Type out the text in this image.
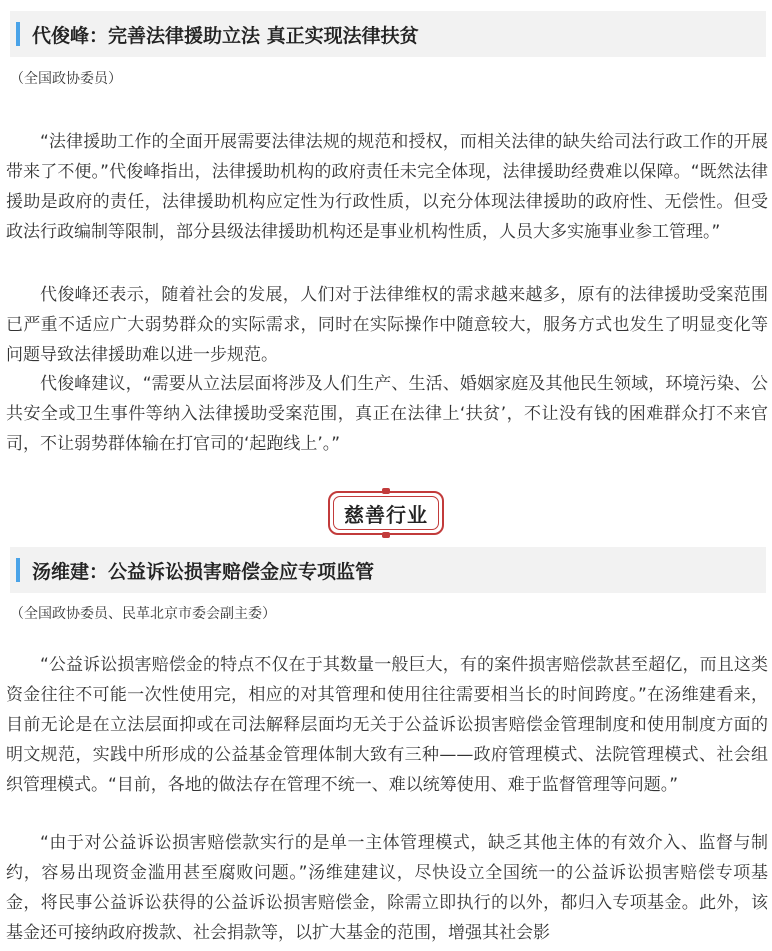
代俊峰：完善法律援助立法 真正实现法律扶贫
（全国政协委员）

“法律援助工作的全面开展需要法律法规的规范和授权，而相关法律的缺失给司法行政工作的开展带来了不便。”代俊峰指出，法律援助机构的政府责任未完全体现，法律援助经费难以保障。“既然法律援助是政府的责任，法律援助机构应定性为行政性质，以充分体现法律援助的政府性、无偿性。但受政法行政编制等限制，部分县级法律援助机构还是事业机构性质，人员大多实施事业参工管理。”

代俊峰还表示，随着社会的发展，人们对于法律维权的需求越来越多，原有的法律援助受案范围已严重不适应广大弱势群众的实际需求，同时在实际操作中随意较大，服务方式也发生了明显变化等问题导致法律援助难以进一步规范。

代俊峰建议，“需要从立法层面将涉及人们生产、生活、婚姻家庭及其他民生领域，环境污染、公共安全或卫生事件等纳入法律援助受案范围，真正在法律上‘扶贫’，不让没有钱的困难群众打不来官司，不让弱势群体输在打官司的‘起跑线上’。”

慈善行业
汤维建：公益诉讼损害赔偿金应专项监管
（全国政协委员、民革北京市委会副主委）

“公益诉讼损害赔偿金的特点不仅在于其数量一般巨大，有的案件损害赔偿款甚至超亿，而且这类资金往往不可能一次性使用完，相应的对其管理和使用往往需要相当长的时间跨度。”在汤维建看来，目前无论是在立法层面抑或在司法解释层面均无关于公益诉讼损害赔偿金管理制度和使用制度方面的明文规范，实践中所形成的公益基金管理体制大致有三种——政府管理模式、法院管理模式、社会组织管理模式。“目前，各地的做法存在管理不统一、难以统筹使用、难于监督管理等问题。”

“由于对公益诉讼损害赔偿款实行的是单一主体管理模式，缺乏其他主体的有效介入、监督与制约，容易出现资金滥用甚至腐败问题。”汤维建建议，尽快设立全国统一的公益诉讼损害赔偿专项基金，将民事公益诉讼获得的公益诉讼损害赔偿金，除需立即执行的以外，都归入专项基金。此外，该基金还可接纳政府拨款、社会捐款等，以扩大基金的范围，增强其社会影
